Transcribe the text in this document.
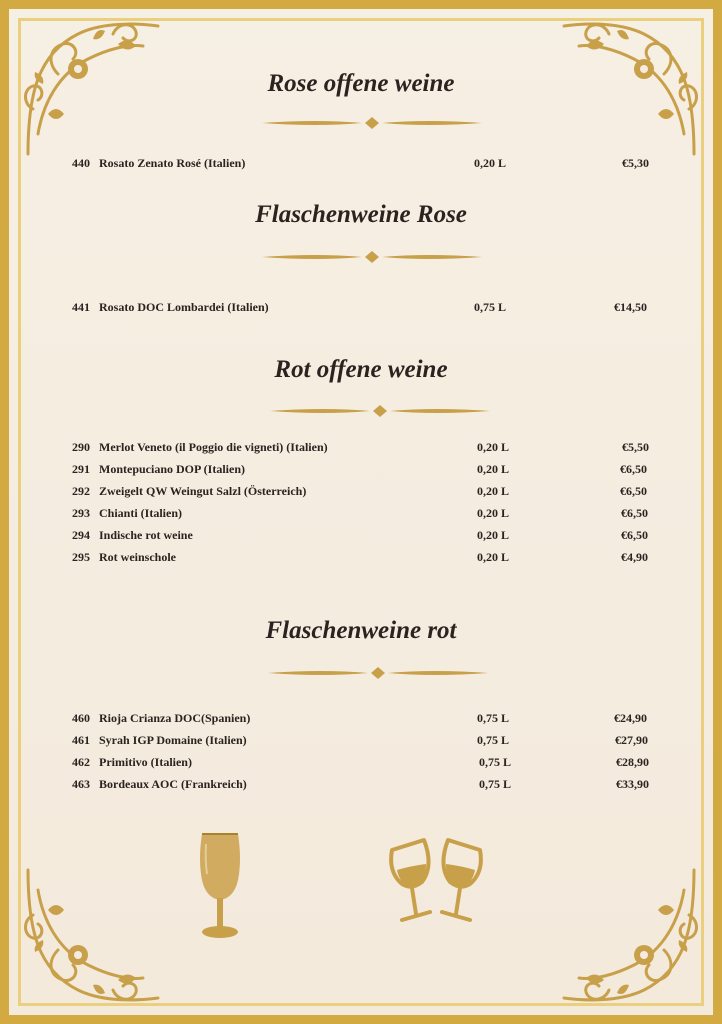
Rose offene weine
440 Rosato Zenato Rosé (Italien)	0,20 L	€5,30
Flaschenweine Rose
441 Rosato DOC Lombardei (Italien)	0,75 L	€14,50
Rot offene weine
290 Merlot Veneto (il Poggio die vigneti) (Italien)	0,20 L	€5,50
291 Montepuciano DOP (Italien)	0,20 L	€6,50
292 Zweigelt QW Weingut Salzl (Österreich)	0,20 L	€6,50
293 Chianti (Italien)	0,20 L	€6,50
294 Indische rot weine	0,20 L	€6,50
295 Rot weinschole	0,20 L	€4,90
Flaschenweine rot
460 Rioja Crianza DOC(Spanien)	0,75 L	€24,90
461 Syrah IGP Domaine (Italien)	0,75 L	€27,90
462 Primitivo (Italien)	0,75 L	€28,90
463 Bordeaux AOC (Frankreich)	0,75 L	€33,90
